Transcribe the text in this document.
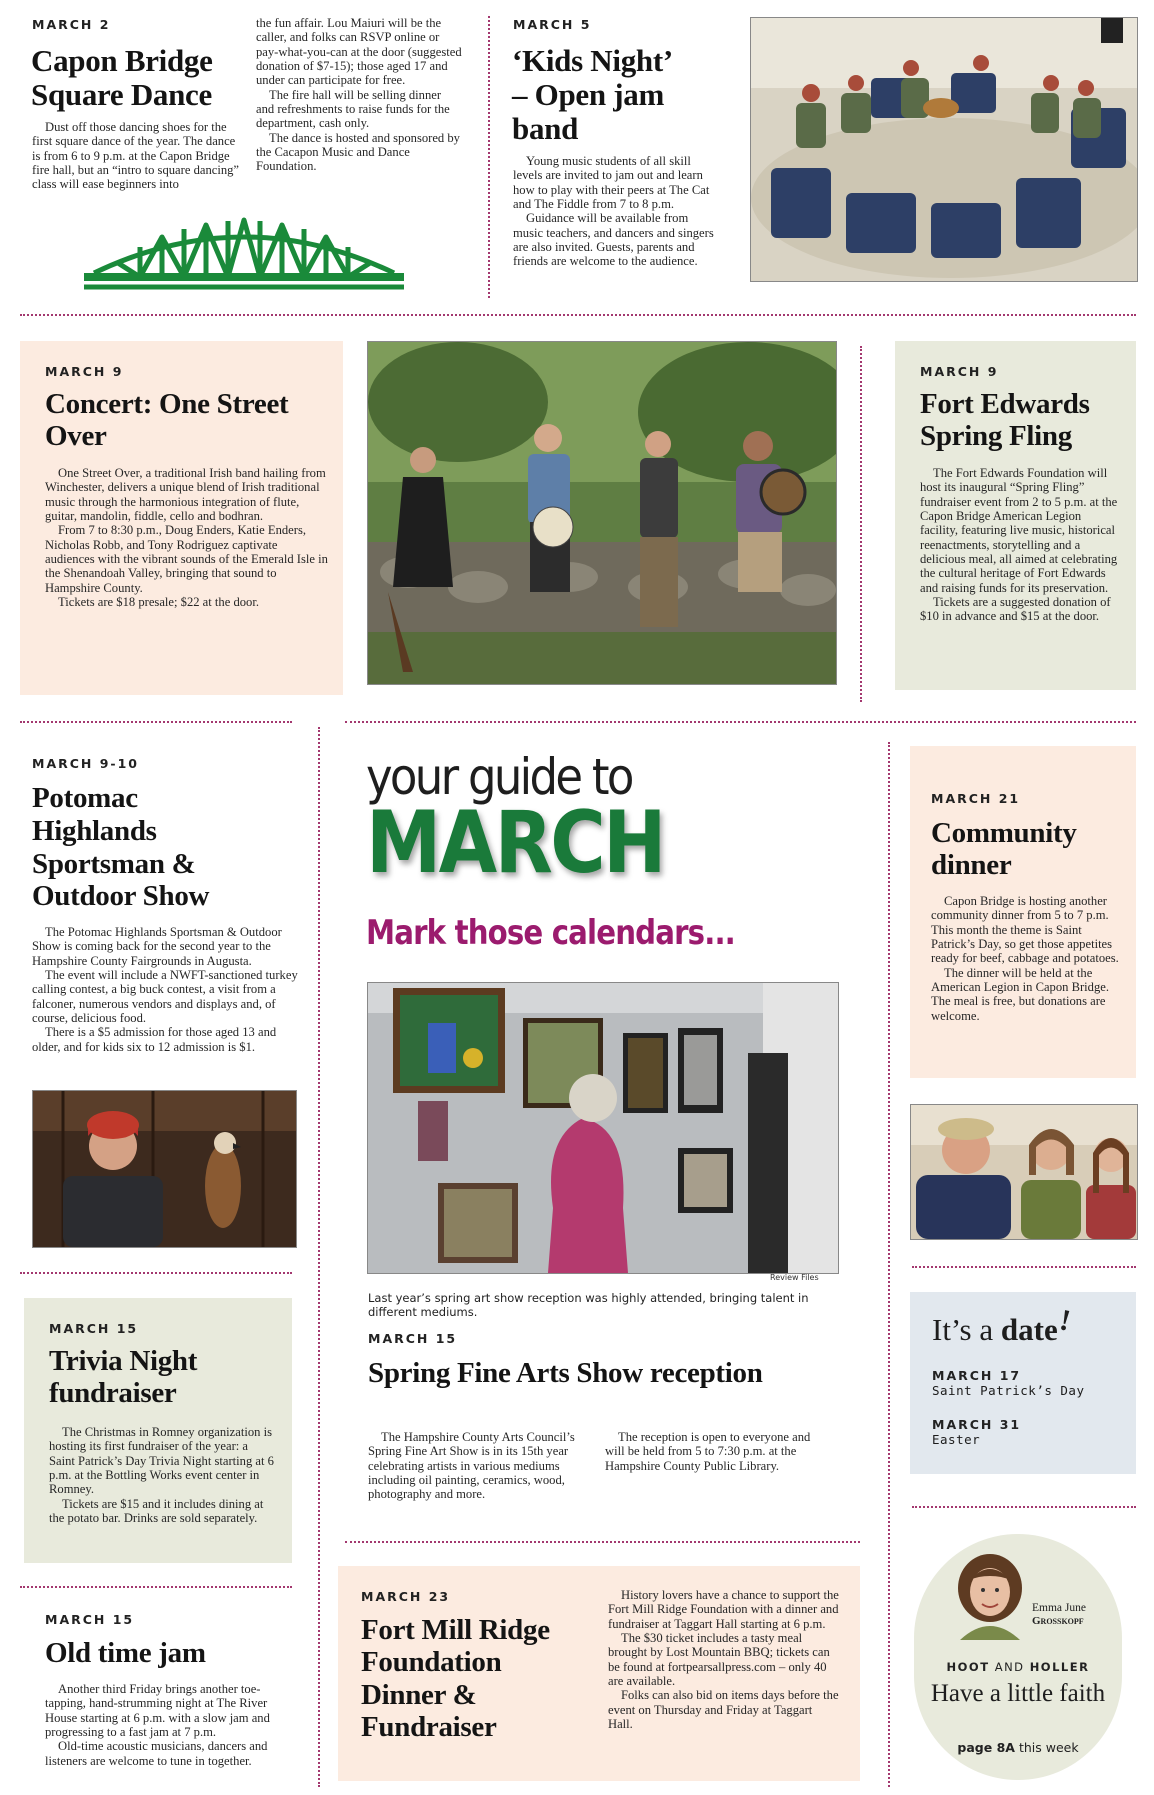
MARCH 2
Capon Bridge
Square Dance

Dust off those dancing shoes for the first square dance of the year. The dance is from 6 to 9 p.m. at the Capon Bridge fire hall, but an “intro to square dancing” class will ease beginners into

the fun affair. Lou Maiuri will be the caller, and folks can RSVP online or pay-what-you-can at the door (suggested donation of $7-15); those aged 17 and under can participate for free.

The fire hall will be selling dinner and refreshments to raise funds for the department, cash only.

The dance is hosted and sponsored by the Cacapon Music and Dance Foundation.

MARCH 5
‘Kids Night’
– Open jam
band

Young music students of all skill levels are invited to jam out and learn how to play with their peers at The Cat and The Fiddle from 7 to 8 p.m.

Guidance will be available from music teachers, and dancers and singers are also invited. Guests, parents and friends are welcome to the audience.

MARCH 9
Concert: One Street
Over

One Street Over, a traditional Irish band hailing from Winchester, delivers a unique blend of Irish traditional music through the harmonious integration of flute, guitar, mandolin, fiddle, cello and bodhran.

From 7 to 8:30 p.m., Doug Enders, Katie Enders, Nicholas Robb, and Tony Rodriguez captivate audiences with the vibrant sounds of the Emerald Isle in the Shenandoah Valley, bringing that sound to Hampshire County.

Tickets are $18 presale; $22 at the door.

MARCH 9
Fort Edwards
Spring Fling

The Fort Edwards Foundation will host its inaugural “Spring Fling” fundraiser event from 2 to 5 p.m. at the Capon Bridge American Legion facility, featuring live music, historical reenactments, storytelling and a delicious meal, all aimed at celebrating the cultural heritage of Fort Edwards and raising funds for its preservation.

Tickets are a suggested donation of $10 in advance and $15 at the door.

MARCH 9-10
Potomac
Highlands
Sportsman &
Outdoor Show

The Potomac Highlands Sportsman & Outdoor Show is coming back for the second year to the Hampshire County Fairgrounds in Augusta.

The event will include a NWFT-sanctioned turkey calling contest, a big buck contest, a visit from a falconer, numerous vendors and displays and, of course, delicious food.

There is a $5 admission for those aged 13 and older, and for kids six to 12 admission is $1.

MARCH 15
Trivia Night
fundraiser

The Christmas in Romney organization is hosting its first fundraiser of the year: a Saint Patrick’s Day Trivia Night starting at 6 p.m. at the Bottling Works event center in Romney.

Tickets are $15 and it includes dining at the potato bar. Drinks are sold separately.

MARCH 15
Old time jam

Another third Friday brings another toe-tapping, hand-strumming night at The River House starting at 6 p.m. with a slow jam and progressing to a fast jam at 7 p.m.

Old-time acoustic musicians, dancers and listeners are welcome to tune in together.

your guide to
MARCH
Mark those calendars...
Review Files
Last year’s spring art show reception was highly attended, bringing talent in different mediums.
MARCH 15
Spring Fine Arts Show reception

The Hampshire County Arts Council’s Spring Fine Art Show is in its 15th year celebrating artists in various mediums including oil painting, ceramics, wood, photography and more.

The reception is open to everyone and will be held from 5 to 7:30 p.m. at the Hampshire County Public Library.

MARCH 23
Fort Mill Ridge
Foundation
Dinner &
Fundraiser

History lovers have a chance to support the Fort Mill Ridge Foundation with a dinner and fundraiser at Taggart Hall starting at 6 p.m.

The $30 ticket includes a tasty meal brought by Lost Mountain BBQ; tickets can be found at fortpearsallpress.com – only 40 are available.

Folks can also bid on items days before the event on Thursday and Friday at Taggart Hall.

MARCH 21
Community
dinner

Capon Bridge is hosting another community dinner from 5 to 7 p.m. This month the theme is Saint Patrick’s Day, so get those appetites ready for beef, cabbage and potatoes.

The dinner will be held at the American Legion in Capon Bridge. The meal is free, but donations are welcome.

It’s a date
!
MARCH 17
Saint Patrick’s Day
MARCH 31
Easter
Emma June
Grosskopf
HOOT AND HOLLER
Have a little faith
page 8A this week
